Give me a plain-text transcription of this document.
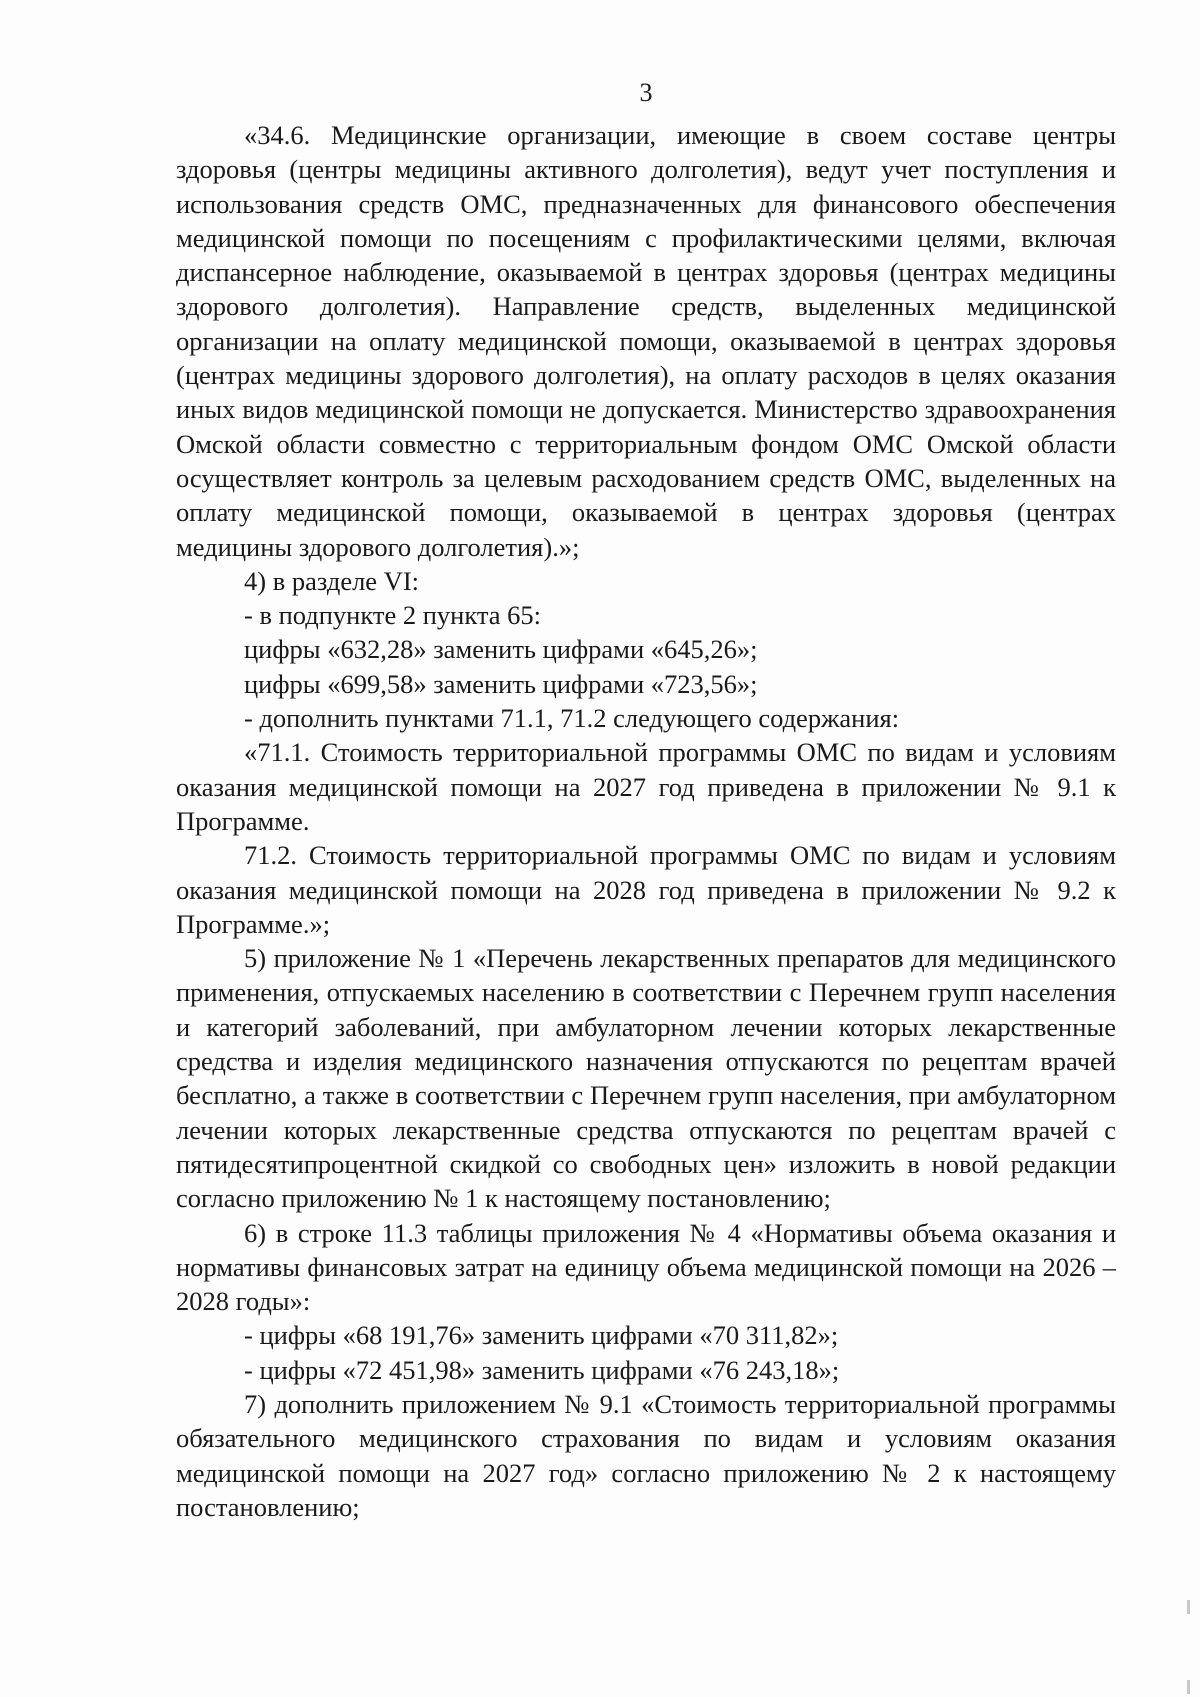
3

«34.6. Медицинские организации, имеющие в своем составе центры здоровья (центры медицины активного долголетия), ведут учет поступления и использования средств ОМС, предназначенных для финансового обеспечения медицинской помощи по посещениям с профилактическими целями, включая диспансерное наблюдение, оказываемой в центрах здоровья (центрах медицины здорового долголетия). Направление средств, выделенных медицинской организации на оплату медицинской помощи, оказываемой в центрах здоровья (центрах медицины здорового долголетия), на оплату расходов в целях оказания иных видов медицинской помощи не допускается. Министерство здравоохранения Омской области совместно с территориальным фондом ОМС Омской области осуществляет контроль за целевым расходованием средств ОМС, выделенных на оплату медицинской помощи, оказываемой в центрах здоровья (центрах медицины здорового долголетия).»;

4) в разделе VI:

- в подпункте 2 пункта 65:

цифры «632,28» заменить цифрами «645,26»;

цифры «699,58» заменить цифрами «723,56»;

- дополнить пунктами 71.1, 71.2 следующего содержания:

«71.1. Стоимость территориальной программы ОМС по видам и условиям оказания медицинской помощи на 2027 год приведена в приложении № 9.1 к Программе.

71.2. Стоимость территориальной программы ОМС по видам и условиям оказания медицинской помощи на 2028 год приведена в приложении № 9.2 к Программе.»;

5) приложение № 1 «Перечень лекарственных препаратов для медицинского применения, отпускаемых населению в соответствии с Перечнем групп населения и категорий заболеваний, при амбулаторном лечении которых лекарственные средства и изделия медицинского назначения отпускаются по рецептам врачей бесплатно, а также в соответствии с Перечнем групп населения, при амбулаторном лечении которых лекарственные средства отпускаются по рецептам врачей с пятидесятипроцентной скидкой со свободных цен» изложить в новой редакции согласно приложению № 1 к настоящему постановлению;

6) в строке 11.3 таблицы приложения № 4 «Нормативы объема оказания и нормативы финансовых затрат на единицу объема медицинской помощи на 2026 – 2028 годы»:

- цифры «68 191,76» заменить цифрами «70 311,82»;

- цифры «72 451,98» заменить цифрами «76 243,18»;

7) дополнить приложением № 9.1 «Стоимость территориальной программы обязательного медицинского страхования по видам и условиям оказания медицинской помощи на 2027 год» согласно приложению № 2 к настоящему постановлению;
